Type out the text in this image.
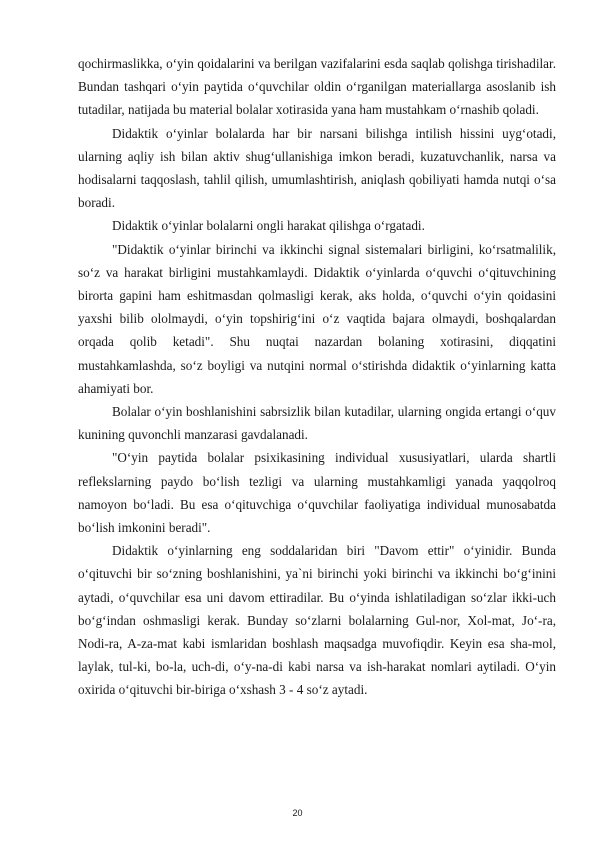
qochirmaslikka, o‘yin qoidalarini va berilgan vazifalarini esda saqlab qolishga tirishadilar. Bundan tashqari o‘yin paytida o‘quvchilar oldin o‘rganilgan materiallarga asoslanib ish tutadilar, natijada bu material bolalar xotirasida yana ham mustahkam o‘rnashib qoladi.

Didaktik o‘yinlar bolalarda har bir narsani bilishga intilish hissini uyg‘otadi, ularning aqliy ish bilan aktiv shug‘ullanishiga imkon beradi, kuzatuvchanlik, narsa va hodisalarni taqqoslash, tahlil qilish, umumlashtirish, aniqlash qobiliyati hamda nutqi o‘sa boradi.

Didaktik o‘yinlar bolalarni ongli harakat qilishga o‘rgatadi.

"Didaktik o‘yinlar birinchi va ikkinchi signal sistemalari birligini, ko‘rsatmalilik, so‘z va harakat birligini mustahkamlaydi. Didaktik o‘yinlarda o‘quvchi o‘qituvchining birorta gapini ham eshitmasdan qolmasligi kerak, aks holda, o‘quvchi o‘yin qoidasini yaxshi bilib ololmaydi, o‘yin topshirig‘ini o‘z vaqtida bajara olmaydi, boshqalardan orqada qolib ketadi". Shu nuqtai nazardan bolaning xotirasini, diqqatini mustahkamlashda, so‘z boyligi va nutqini normal o‘stirishda didaktik o‘yinlarning katta ahamiyati bor.

Bolalar o‘yin boshlanishini sabrsizlik bilan kutadilar, ularning ongida ertangi o‘quv kunining quvonchli manzarasi gavdalanadi.

"O‘yin paytida bolalar psixikasining individual xususiyatlari, ularda shartli reflekslarning paydo bo‘lish tezligi va ularning mustahkamligi yanada yaqqolroq namoyon bo‘ladi. Bu esa o‘qituvchiga o‘quvchilar faoliyatiga individual munosabatda bo‘lish imkonini beradi".

Didaktik o‘yinlarning eng soddalaridan biri "Davom ettir" o‘yinidir. Bunda o‘qituvchi bir so‘zning boshlanishini, ya`ni birinchi yoki birinchi va ikkinchi bo‘g‘inini aytadi, o‘quvchilar esa uni davom ettiradilar. Bu o‘yinda ishlatiladigan so‘zlar ikki-uch bo‘g‘indan oshmasligi kerak. Bunday so‘zlarni bolalarning Gul-nor, Xol-mat, Jo‘-ra, Nodi-ra, A-za-mat kabi ismlaridan boshlash maqsadga muvofiqdir. Keyin esa sha-mol, laylak, tul-ki, bo-la, uch-di, o‘y-na-di kabi narsa va ish-harakat nomlari aytiladi. O‘yin oxirida o‘qituvchi bir-biriga o‘xshash 3 - 4 so‘z aytadi.

20
